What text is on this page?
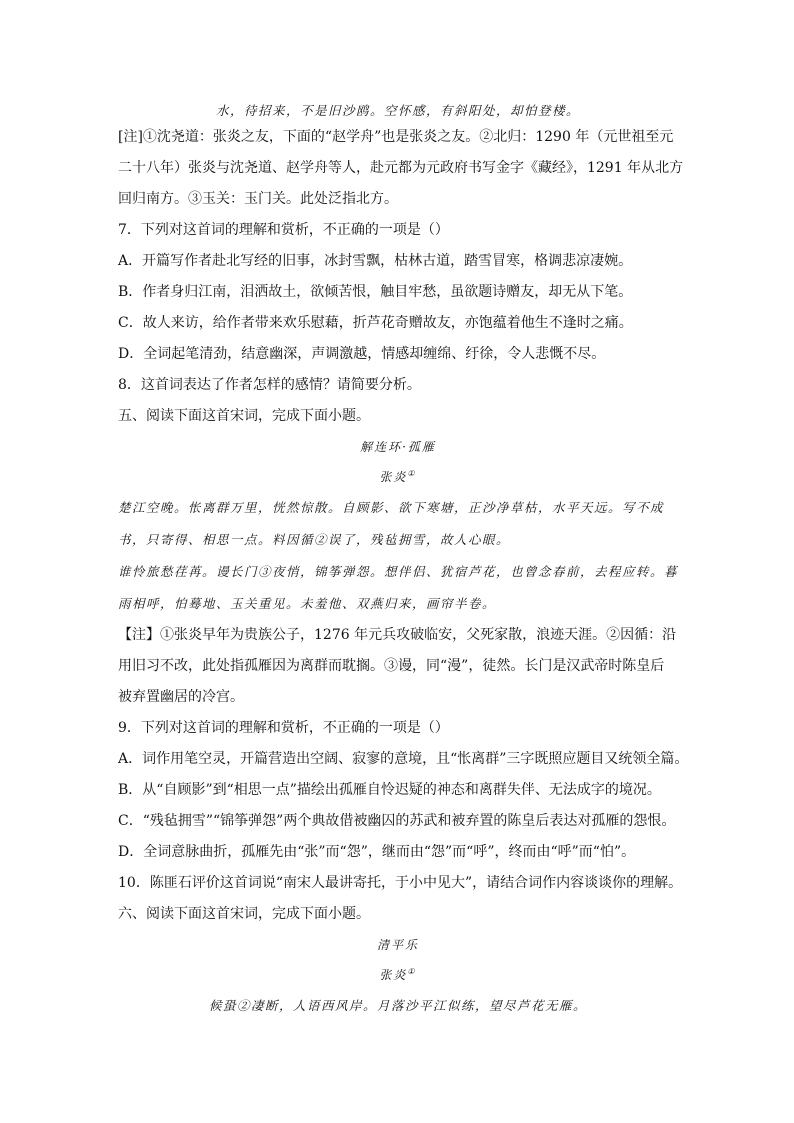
水，待招来，不是旧沙鸥。空怀感，有斜阳处，却怕登楼。
[注]①沈尧道：张炎之友，下面的“赵学舟”也是张炎之友。②北归：1290 年（元世祖至元
二十八年）张炎与沈尧道、赵学舟等人，赴元都为元政府书写金字《藏经》，1291 年从北方
回归南方。③玉关：玉门关。此处泛指北方。
7．下列对这首词的理解和赏析，不正确的一项是（）
A．开篇写作者赴北写经的旧事，冰封雪飘，枯林古道，踏雪冒寒，格调悲凉凄婉。
B．作者身归江南，泪洒故土，欲倾苦恨，触目牢愁，虽欲题诗赠友，却无从下笔。
C．故人来访，给作者带来欢乐慰藉，折芦花奇赠故友，亦饱蕴着他生不逢时之痛。
D．全词起笔清劲，结意幽深，声调激越，情感却缠绵、纡徐，令人悲慨不尽。
8．这首词表达了作者怎样的感情？请简要分析。
五、阅读下面这首宋词，完成下面小题。
解连环·孤雁
张炎①
楚江空晚。怅离群万里，恍然惊散。自顾影、欲下寒塘，正沙净草枯，水平天远。写不成
书，只寄得、相思一点。料因循②误了，残毡拥雪，故人心眼。
谁怜旅愁荏苒。谩长门③夜悄，锦筝弹怨。想伴侣、犹宿芦花，也曾念春前，去程应转。暮
雨相呼，怕蓦地、玉关重见。未羞他、双燕归来，画帘半卷。
【注】①张炎早年为贵族公子，1276 年元兵攻破临安，父死家散，浪迹天涯。②因循：沿
用旧习不改，此处指孤雁因为离群而耽搁。③谩，同“漫”，徒然。长门是汉武帝时陈皇后
被弃置幽居的冷宫。
9．下列对这首词的理解和赏析，不正确的一项是（）
A．词作用笔空灵，开篇营造出空阔、寂寥的意境，且“怅离群”三字既照应题目又统领全篇。
B．从“自顾影”到“相思一点”描绘出孤雁自怜迟疑的神态和离群失伴、无法成字的境况。
C．“残毡拥雪”“锦筝弹怨”两个典故借被幽囚的苏武和被弃置的陈皇后表达对孤雁的怨恨。
D．全词意脉曲折，孤雁先由“张”而“怨”，继而由“怨”而“呼”，终而由“呼”而“怕”。
10．陈匪石评价这首词说“南宋人最讲寄托，于小中见大”，请结合词作内容谈谈你的理解。
六、阅读下面这首宋词，完成下面小题。
清平乐
张炎①
候蛩②凄断，人语西风岸。月落沙平江似练，望尽芦花无雁。
